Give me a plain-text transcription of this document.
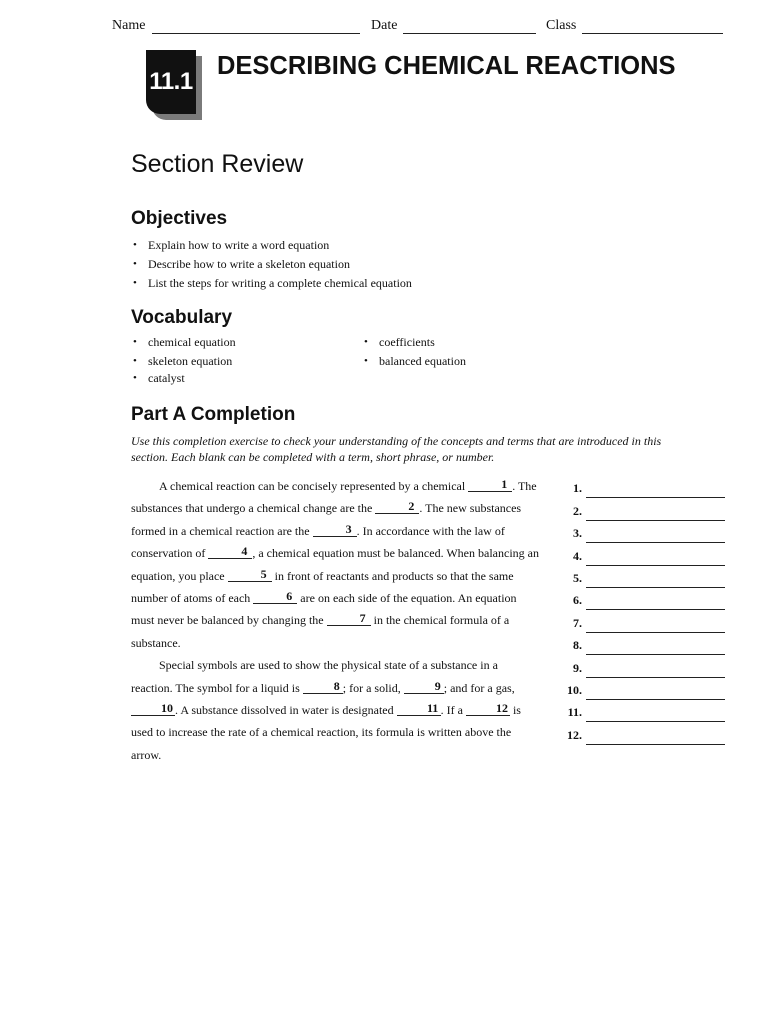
Name	Date	Class
11.1
DESCRIBING CHEMICAL REACTIONS
Section Review
Objectives
• Explain how to write a word equation
• Describe how to write a skeleton equation
• List the steps for writing a complete chemical equation
Vocabulary
• chemical equation
• skeleton equation
• catalyst
• coefficients
• balanced equation
Part A Completion
Use this completion exercise to check your understanding of the concepts and terms that are introduced in this section. Each blank can be completed with a term, short phrase, or number.

A chemical reaction can be concisely represented by a chemical	1 . The substances that undergo a chemical change are the	2 . The new substances formed in a chemical reaction are the	3 . In accordance with the law of conservation of	4 , a chemical equation must be balanced. When balancing an equation, you place	5 in front of reactants and products so that the same number of atoms of each	6 are on each side of the equation. An equation must never be balanced by changing the	7 in the chemical formula of a substance.

Special symbols are used to show the physical state of a substance in a reaction. The symbol for a liquid is	8 ; for a solid,	9 ; and for a gas, 10 . A substance dissolved in water is designated	11 . If a	12 is used to increase the rate of a chemical reaction, its formula is written above the arrow.

1.
2.
3.
4.
5.
6.
7.
8.
9.
10.
11.
12.
